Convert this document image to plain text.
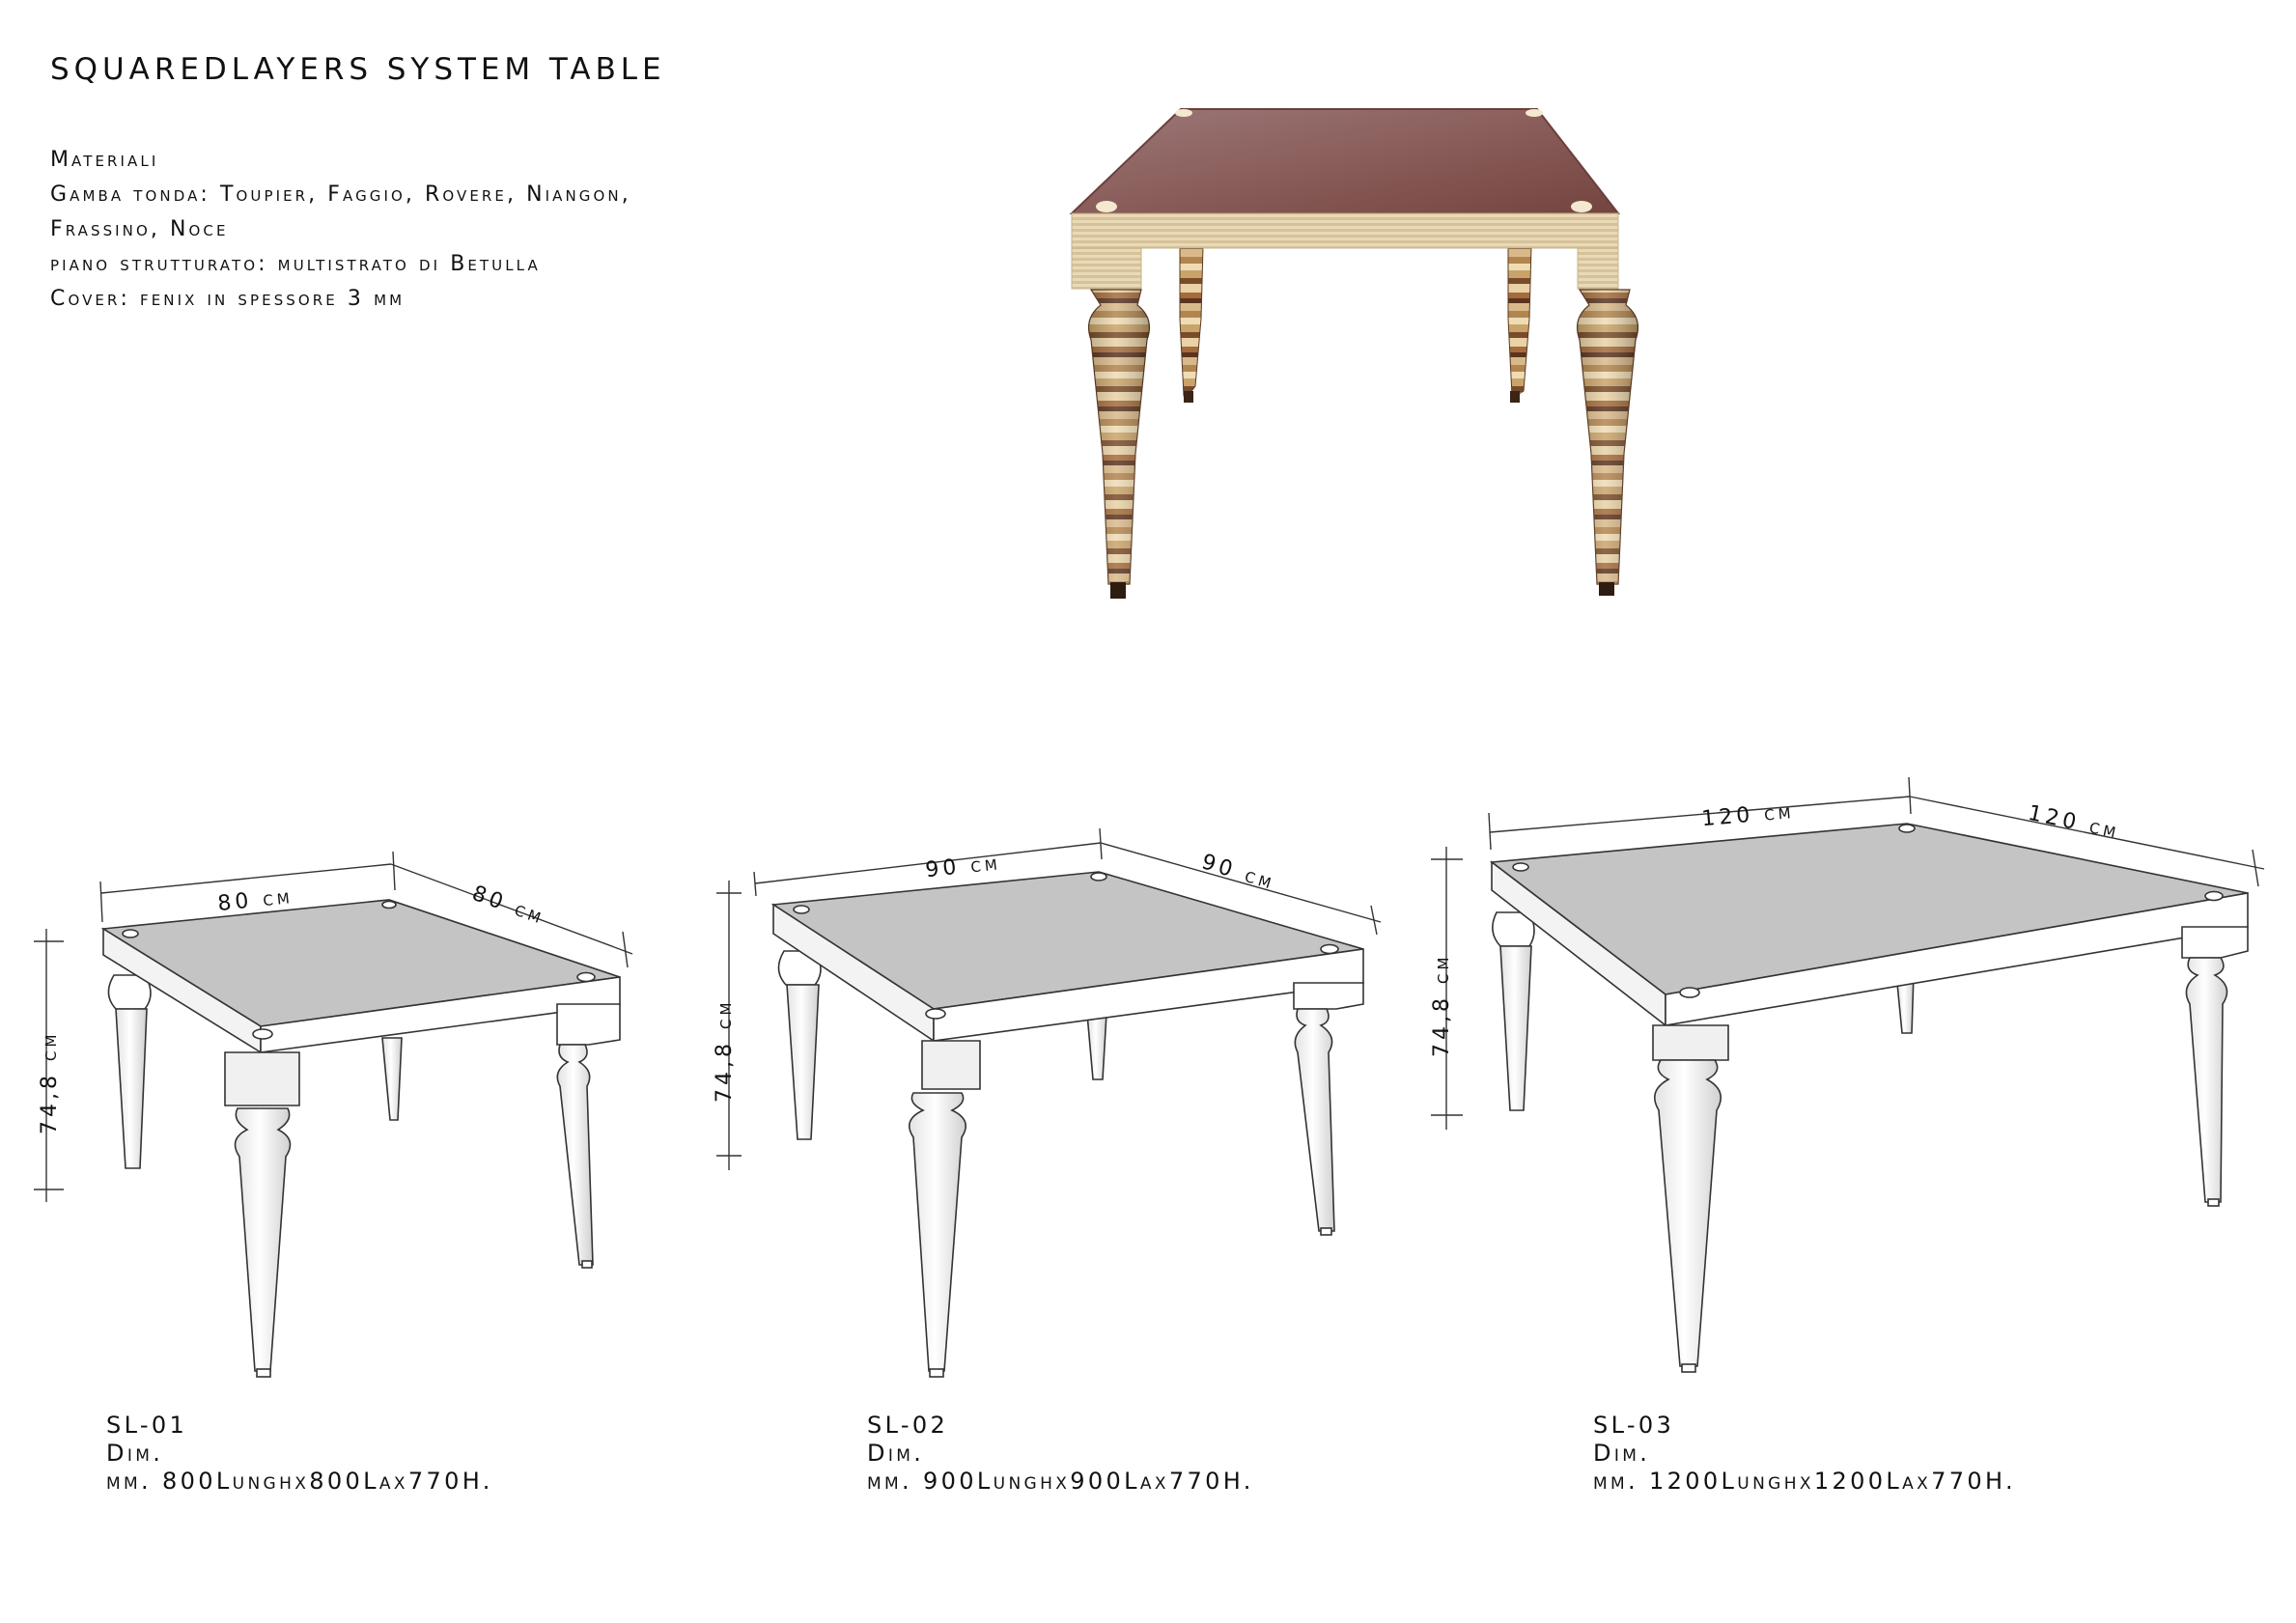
SQUAREDLAYERS SYSTEM TABLE
Materiali
Gamba tonda: Toupier, Faggio, Rovere, Niangon,
Frassino, Noce
piano strutturato: multistrato di Betulla
Cover: fenix in spessore 3 mm
80 cm	80 cm
74,8 cm
90 cm	90 cm
74,8 cm
120 cm	120 cm
74,8 cm
SL-01
Dim.
mm. 800Lunghx800Lax770H.
SL-02
Dim.
mm. 900Lunghx900Lax770H.
SL-03
Dim.
mm. 1200Lunghx1200Lax770H.
